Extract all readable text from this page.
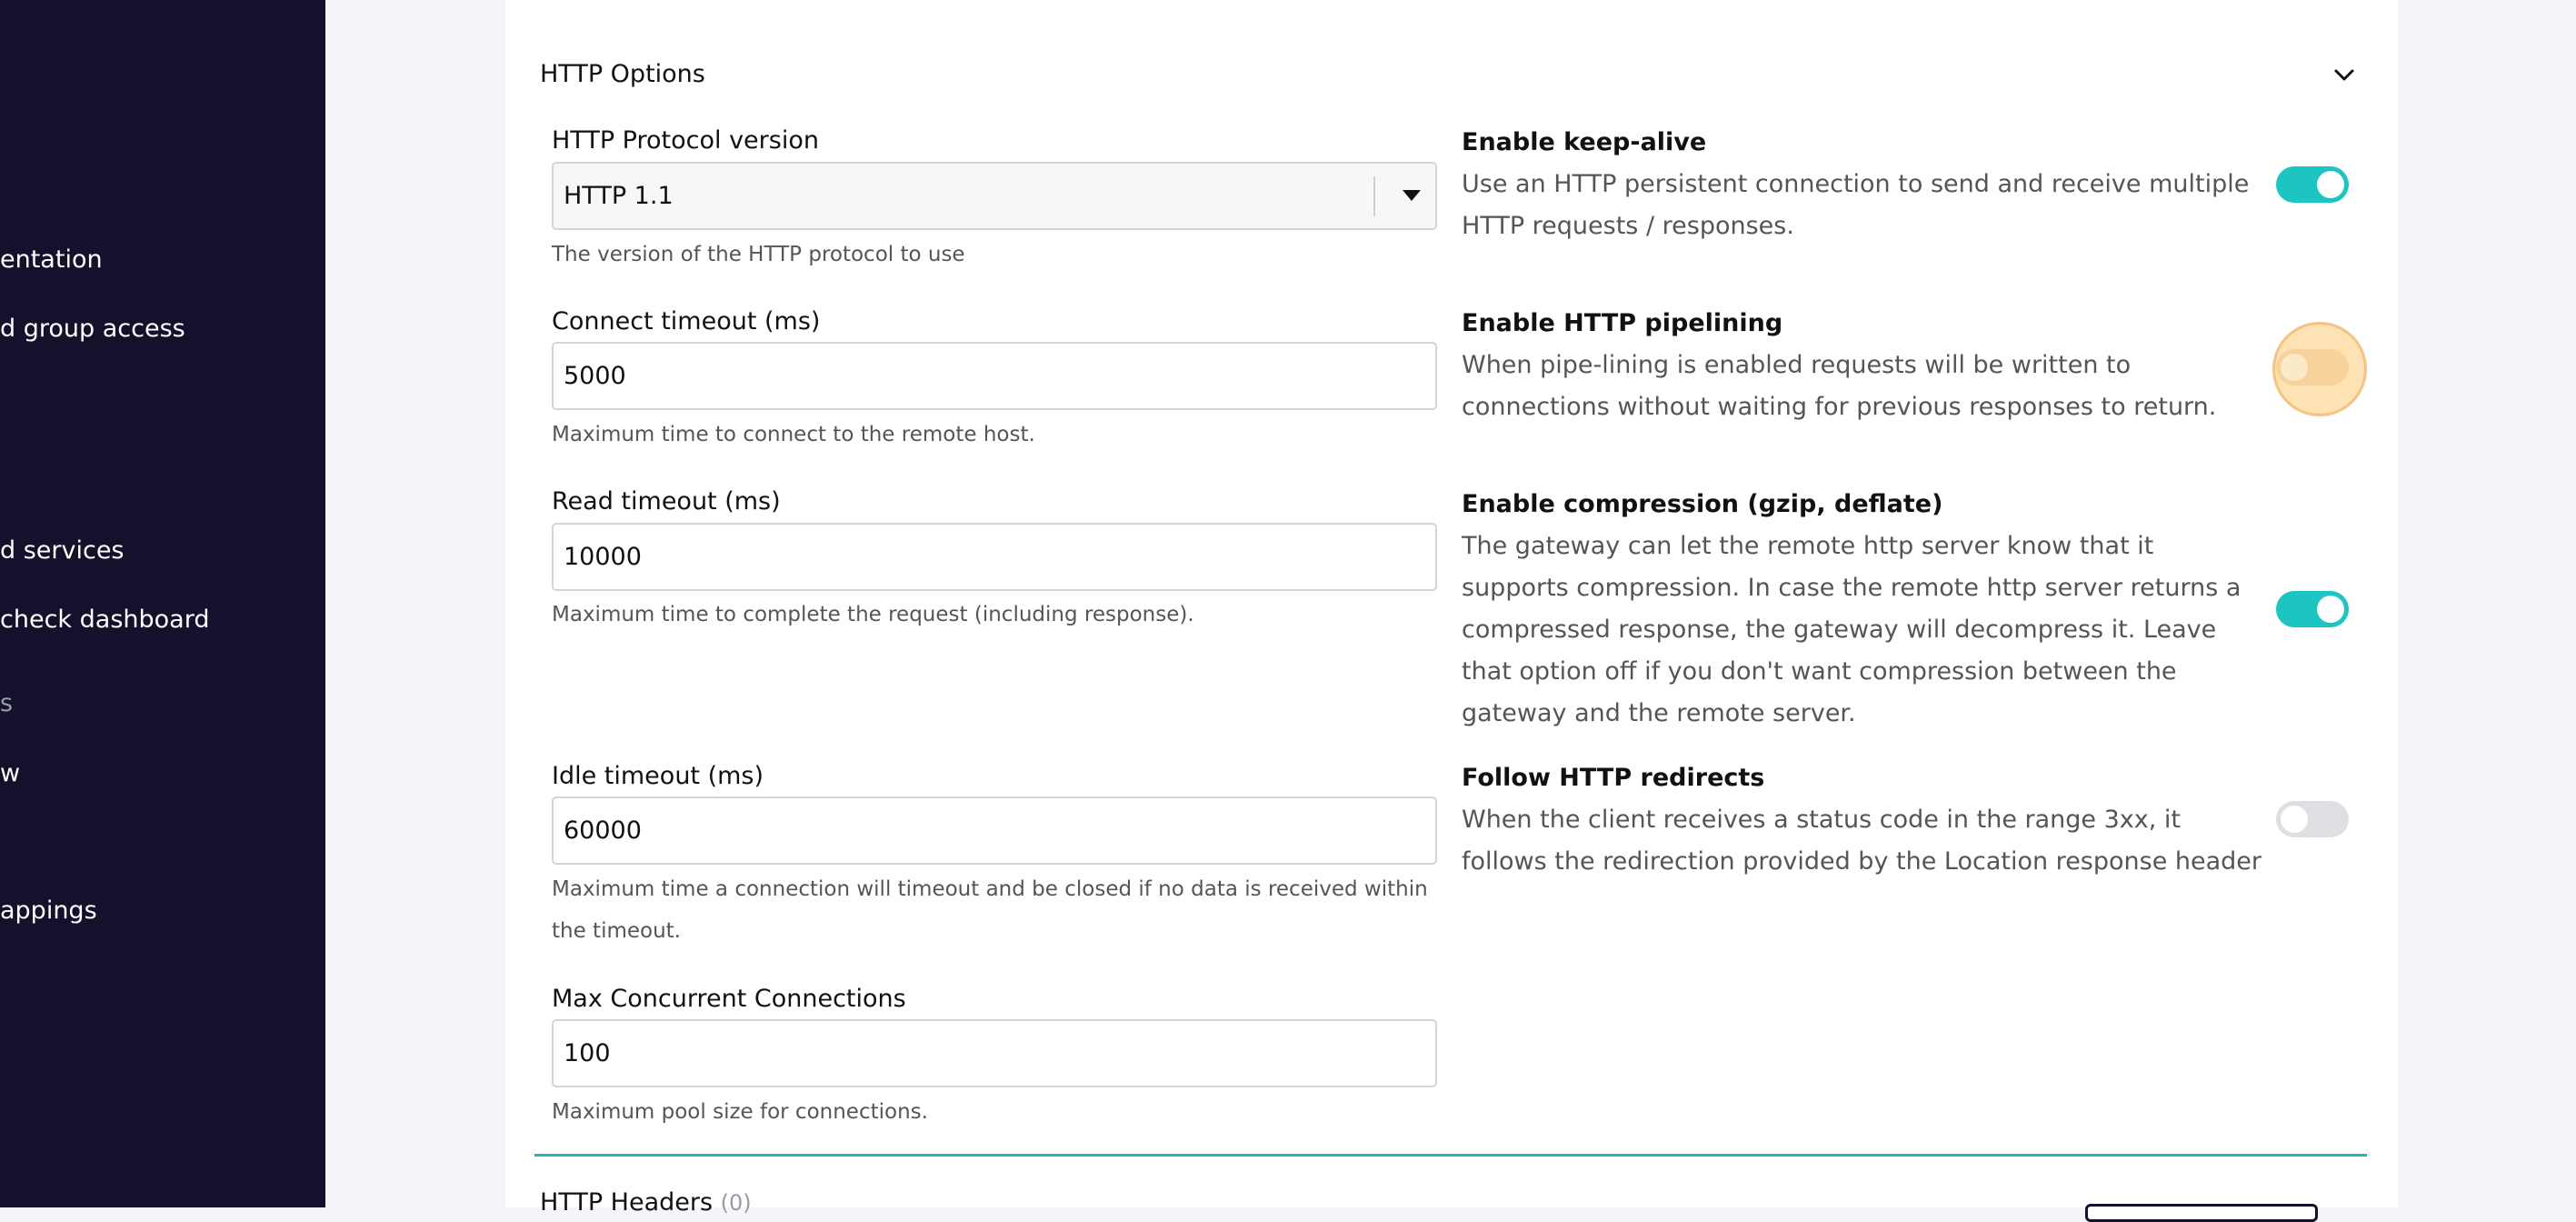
entation
d group access
d services
check dashboard
s
w
appings
HTTP Options
HTTP Protocol version
HTTP 1.1
The version of the HTTP protocol to use
Connect timeout (ms)
5000
Maximum time to connect to the remote host.
Read timeout (ms)
10000
Maximum time to complete the request (including response).
Idle timeout (ms)
60000
Maximum time a connection will timeout and be closed if no data is received within the timeout.
Max Concurrent Connections
100
Maximum pool size for connections.
Enable keep-alive
Use an HTTP persistent connection to send and receive multiple HTTP requests / responses.
Enable HTTP pipelining
When pipe-lining is enabled requests will be written to connections without waiting for previous responses to return.
Enable compression (gzip, deflate)
The gateway can let the remote http server know that it supports compression. In case the remote http server returns a compressed response, the gateway will decompress it. Leave that option off if you don't want compression between the gateway and the remote server.
Follow HTTP redirects
When the client receives a status code in the range 3xx, it follows the redirection provided by the Location response header
HTTP Headers (0)
